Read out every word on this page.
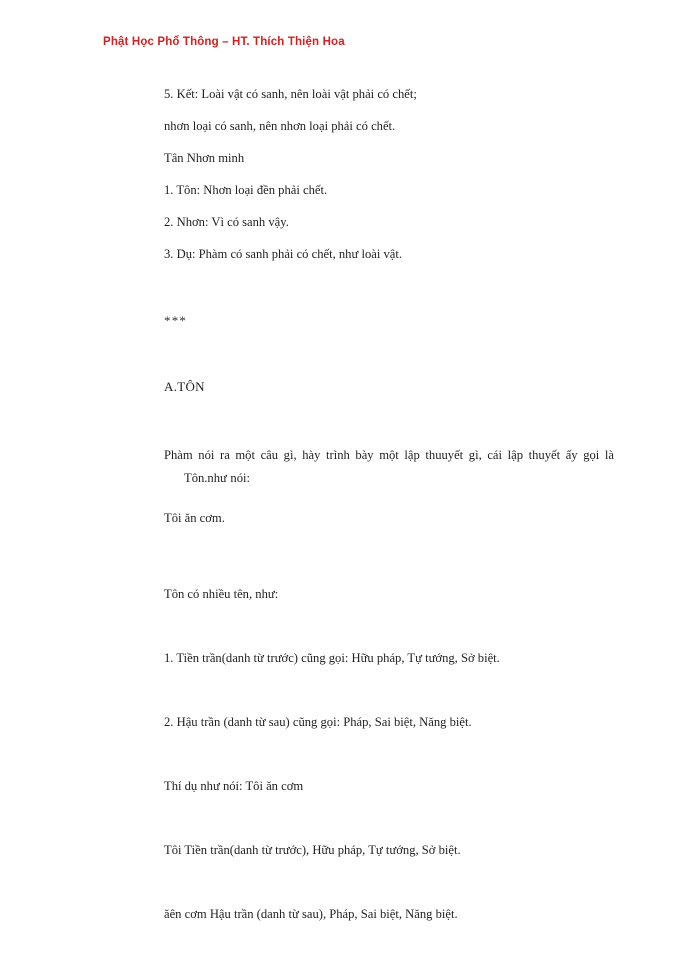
Phật Học Phổ Thông – HT. Thích Thiện Hoa
5. Kết: Loài vật có sanh, nên loài vật phải có chết;
nhơn loại có sanh, nên nhơn loại phải có chết.
Tân Nhơn minh
1. Tôn: Nhơn loại đền phải chết.
2. Nhơn: Vì có sanh vậy.
3. Dụ: Phàm có sanh phải có chết, như loài vật.
***
A.TÔN
Phàm nói ra một câu gì, hày trình bày một lập thuuyết gì, cái lập thuyết ấy gọi là Tôn.như nói:
Tôi ăn cơm.
Tôn có nhiều tên, như:
1. Tiền trần(danh từ trước) cũng gọi: Hữu pháp, Tự tướng, Sở biệt.
2. Hậu trần (danh từ sau) cũng gọi: Pháp, Sai biệt, Năng biệt.
Thí dụ như nói: Tôi ăn cơm
Tôi Tiền trần(danh từ trước), Hữu pháp, Tự tướng, Sở biệt.
ăên cơm Hậu trần (danh từ sau), Pháp, Sai biệt, Năng biệt.
